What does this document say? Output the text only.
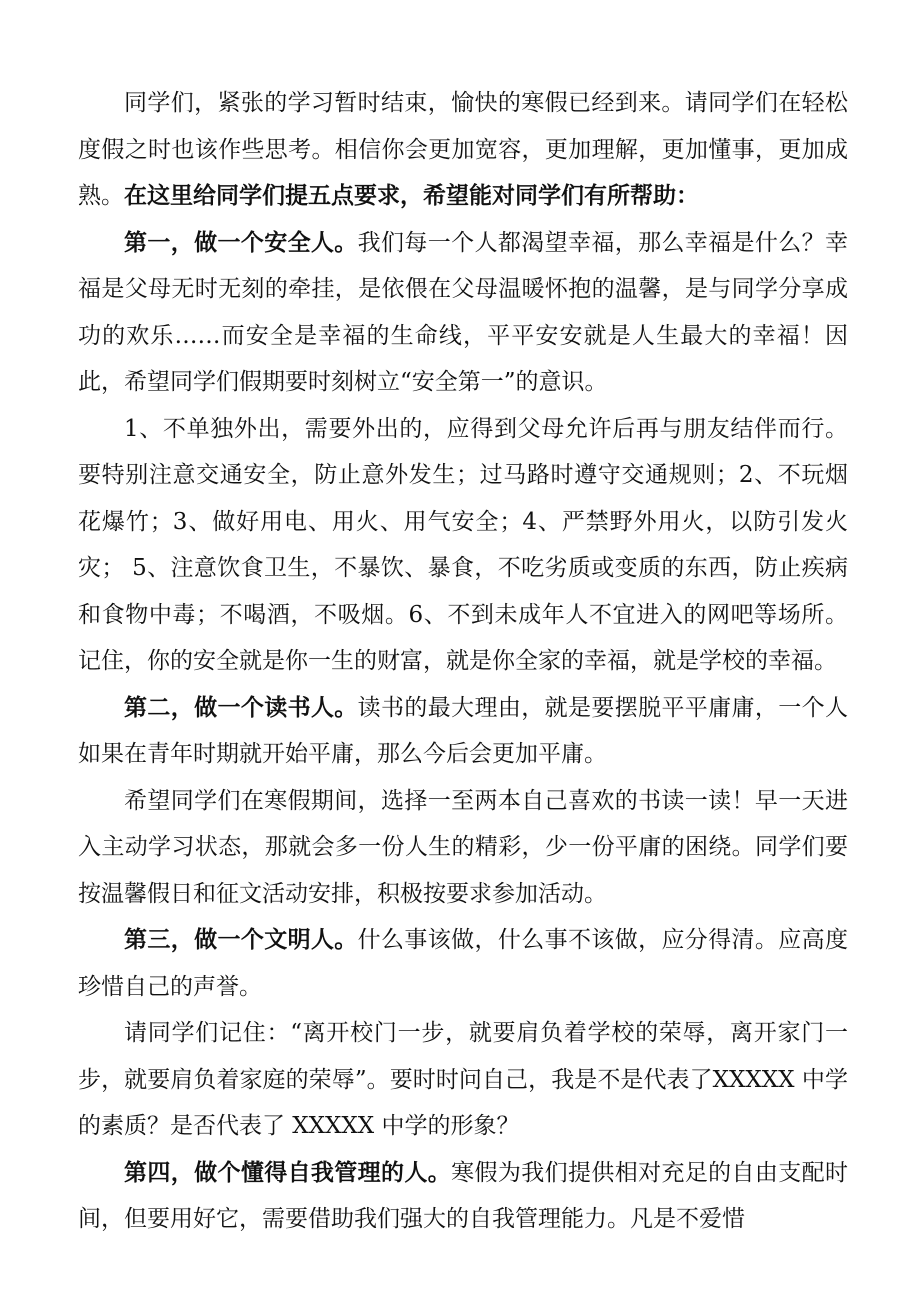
同学们，紧张的学习暂时结束，愉快的寒假已经到来。请同学们在轻松度假之时也该作些思考。相信你会更加宽容，更加理解，更加懂事，更加成熟。在这里给同学们提五点要求，希望能对同学们有所帮助：

第一，做一个安全人。我们每一个人都渴望幸福，那么幸福是什么？幸福是父母无时无刻的牵挂，是依偎在父母温暖怀抱的温馨，是与同学分享成功的欢乐……而安全是幸福的生命线，平平安安就是人生最大的幸福！因此，希望同学们假期要时刻树立“安全第一”的意识。

1、不单独外出，需要外出的，应得到父母允许后再与朋友结伴而行。要特别注意交通安全，防止意外发生；过马路时遵守交通规则；2、不玩烟花爆竹；3、做好用电、用火、用气安全；4、严禁野外用火，以防引发火灾； 5、注意饮食卫生，不暴饮、暴食，不吃劣质或变质的东西，防止疾病和食物中毒；不喝酒，不吸烟。6、不到未成年人不宜进入的网吧等场所。记住，你的安全就是你一生的财富，就是你全家的幸福，就是学校的幸福。

第二，做一个读书人。读书的最大理由，就是要摆脱平平庸庸，一个人如果在青年时期就开始平庸，那么今后会更加平庸。

希望同学们在寒假期间，选择一至两本自己喜欢的书读一读！早一天进入主动学习状态，那就会多一份人生的精彩，少一份平庸的困绕。同学们要按温馨假日和征文活动安排，积极按要求参加活动。

第三，做一个文明人。什么事该做，什么事不该做，应分得清。应高度珍惜自己的声誉。

请同学们记住：“离开校门一步，就要肩负着学校的荣辱，离开家门一步，就要肩负着家庭的荣辱”。要时时问自己，我是不是代表了XXXXX 中学的素质？是否代表了 XXXXX 中学的形象？

第四，做个懂得自我管理的人。寒假为我们提供相对充足的自由支配时间，但要用好它，需要借助我们强大的自我管理能力。凡是不爱惜
